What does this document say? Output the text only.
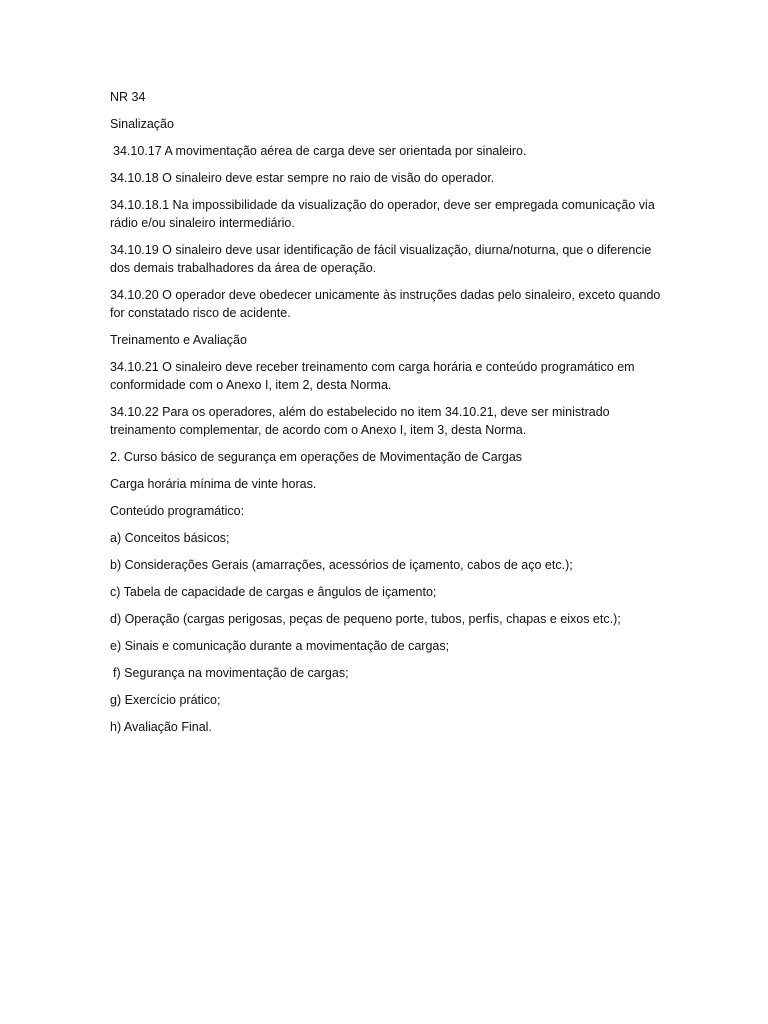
NR 34

Sinalização

34.10.17 A movimentação aérea de carga deve ser orientada por sinaleiro.

34.10.18 O sinaleiro deve estar sempre no raio de visão do operador.

34.10.18.1 Na impossibilidade da visualização do operador, deve ser empregada comunicação via rádio e/ou sinaleiro intermediário.

34.10.19 O sinaleiro deve usar identificação de fácil visualização, diurna/noturna, que o diferencie dos demais trabalhadores da área de operação.

34.10.20 O operador deve obedecer unicamente às instruções dadas pelo sinaleiro, exceto quando for constatado risco de acidente.

Treinamento e Avaliação

34.10.21 O sinaleiro deve receber treinamento com carga horária e conteúdo programático em conformidade com o Anexo I, item 2, desta Norma.

34.10.22 Para os operadores, além do estabelecido no item 34.10.21, deve ser ministrado treinamento complementar, de acordo com o Anexo I, item 3, desta Norma.

2. Curso básico de segurança em operações de Movimentação de Cargas

Carga horária mínima de vinte horas.

Conteúdo programático:

a) Conceitos básicos;

b) Considerações Gerais (amarrações, acessórios de içamento, cabos de aço etc.);

c) Tabela de capacidade de cargas e ângulos de içamento;

d) Operação (cargas perigosas, peças de pequeno porte, tubos, perfis, chapas e eixos etc.);

e) Sinais e comunicação durante a movimentação de cargas;

f) Segurança na movimentação de cargas;

g) Exercício prático;

h) Avaliação Final.
